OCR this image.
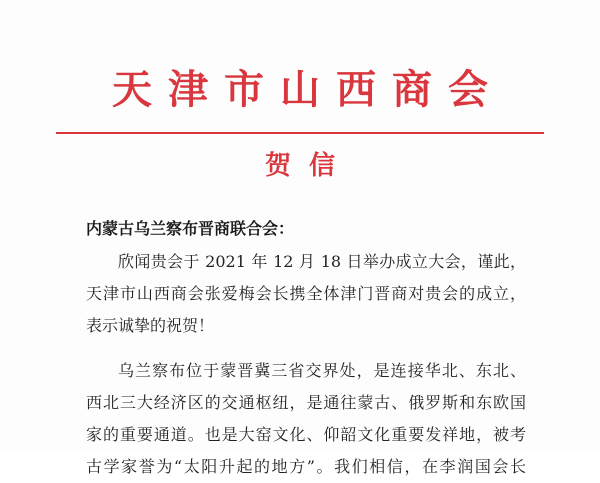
天津市山西商会
贺信
内蒙古乌兰察布晋商联合会：
欣闻贵会于 2021 年 12 月 18 日举办成立大会，谨此，
天津市山西商会张爱梅会长携全体津门晋商对贵会的成立，
表示诚挚的祝贺！
乌兰察布位于蒙晋冀三省交界处，是连接华北、东北、
西北三大经济区的交通枢纽，是通往蒙古、俄罗斯和东欧国
家的重要通道。也是大窑文化、仰韶文化重要发祥地，被考
古学家誉为“太阳升起的地方”。我们相信，在李润国会长
